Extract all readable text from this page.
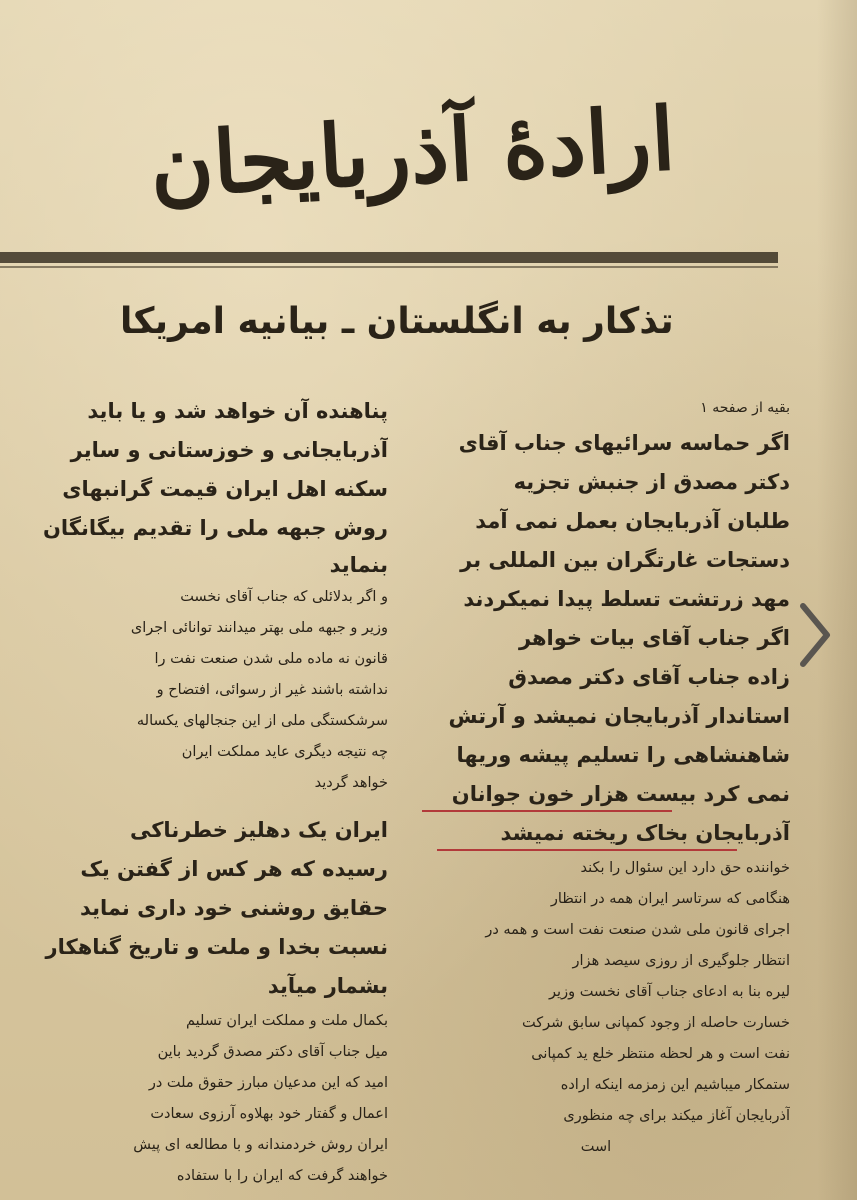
ارادهٔ آذربایجان
تذکار به انگلستان ـ بیانیه امریکا
بقیه از صفحه ۱
اگر حماسه سرائیهای جناب آقای
دکتر مصدق از جنبش تجزیه
طلبان آذربایجان بعمل نمی آمد
دستجات غارتگران بین المللی بر
مهد زرتشت تسلط پیدا نمیکردند
اگر جناب آقای بیات خواهر
زاده جناب آقای دکتر مصدق
استاندار آذربایجان نمیشد و آرتش
شاهنشاهی را تسلیم پیشه وریها
نمی کرد بیست هزار خون جوانان
آذربایجان بخاک ریخته نمیشد
خواننده حق دارد این سئوال را بکند
هنگامی که سرتاسر ایران همه در انتظار
اجرای قانون ملی شدن صنعت نفت است و همه در
انتظار جلوگیری از روزی سیصد هزار
لیره بنا به ادعای جناب آقای نخست وزیر
خسارت حاصله از وجود کمپانی سابق شرکت
نفت است و هر لحظه منتظر خلع ید کمپانی
ستمکار میباشیم این زمزمه اینکه اراده
آذربایجان آغاز میکند برای چه منظوری
است
پناهنده آن خواهد شد و یا باید
آذربایجانی و خوزستانی و سایر
سکنه اهل ایران قیمت گرانبهای
روش جبهه ملی را تقدیم بیگانگان
بنماید
و اگر بدلائلی که جناب آقای نخست
وزیر و جبهه ملی بهتر میدانند توانائی اجرای
قانون نه ماده ملی شدن صنعت نفت را
نداشته باشند غیر از رسوائی، افتضاح و
سرشکستگی ملی از این جنجالهای یکساله
چه نتیجه دیگری عاید مملکت ایران
خواهد گردید
ایران یک دهلیز خطرناکی
رسیده که هر کس از گفتن یک
حقایق روشنی خود داری نماید
نسبت بخدا و ملت و تاریخ گناهکار
بشمار میآید
بکمال ملت و مملکت ایران تسلیم
میل جناب آقای دکتر مصدق گردید باین
امید که این مدعیان مبارز حقوق ملت در
اعمال و گفتار خود بهلاوه آرزوی سعادت
ایران روش خردمندانه و با مطالعه ای پیش
خواهند گرفت که ایران را با ستفاده
